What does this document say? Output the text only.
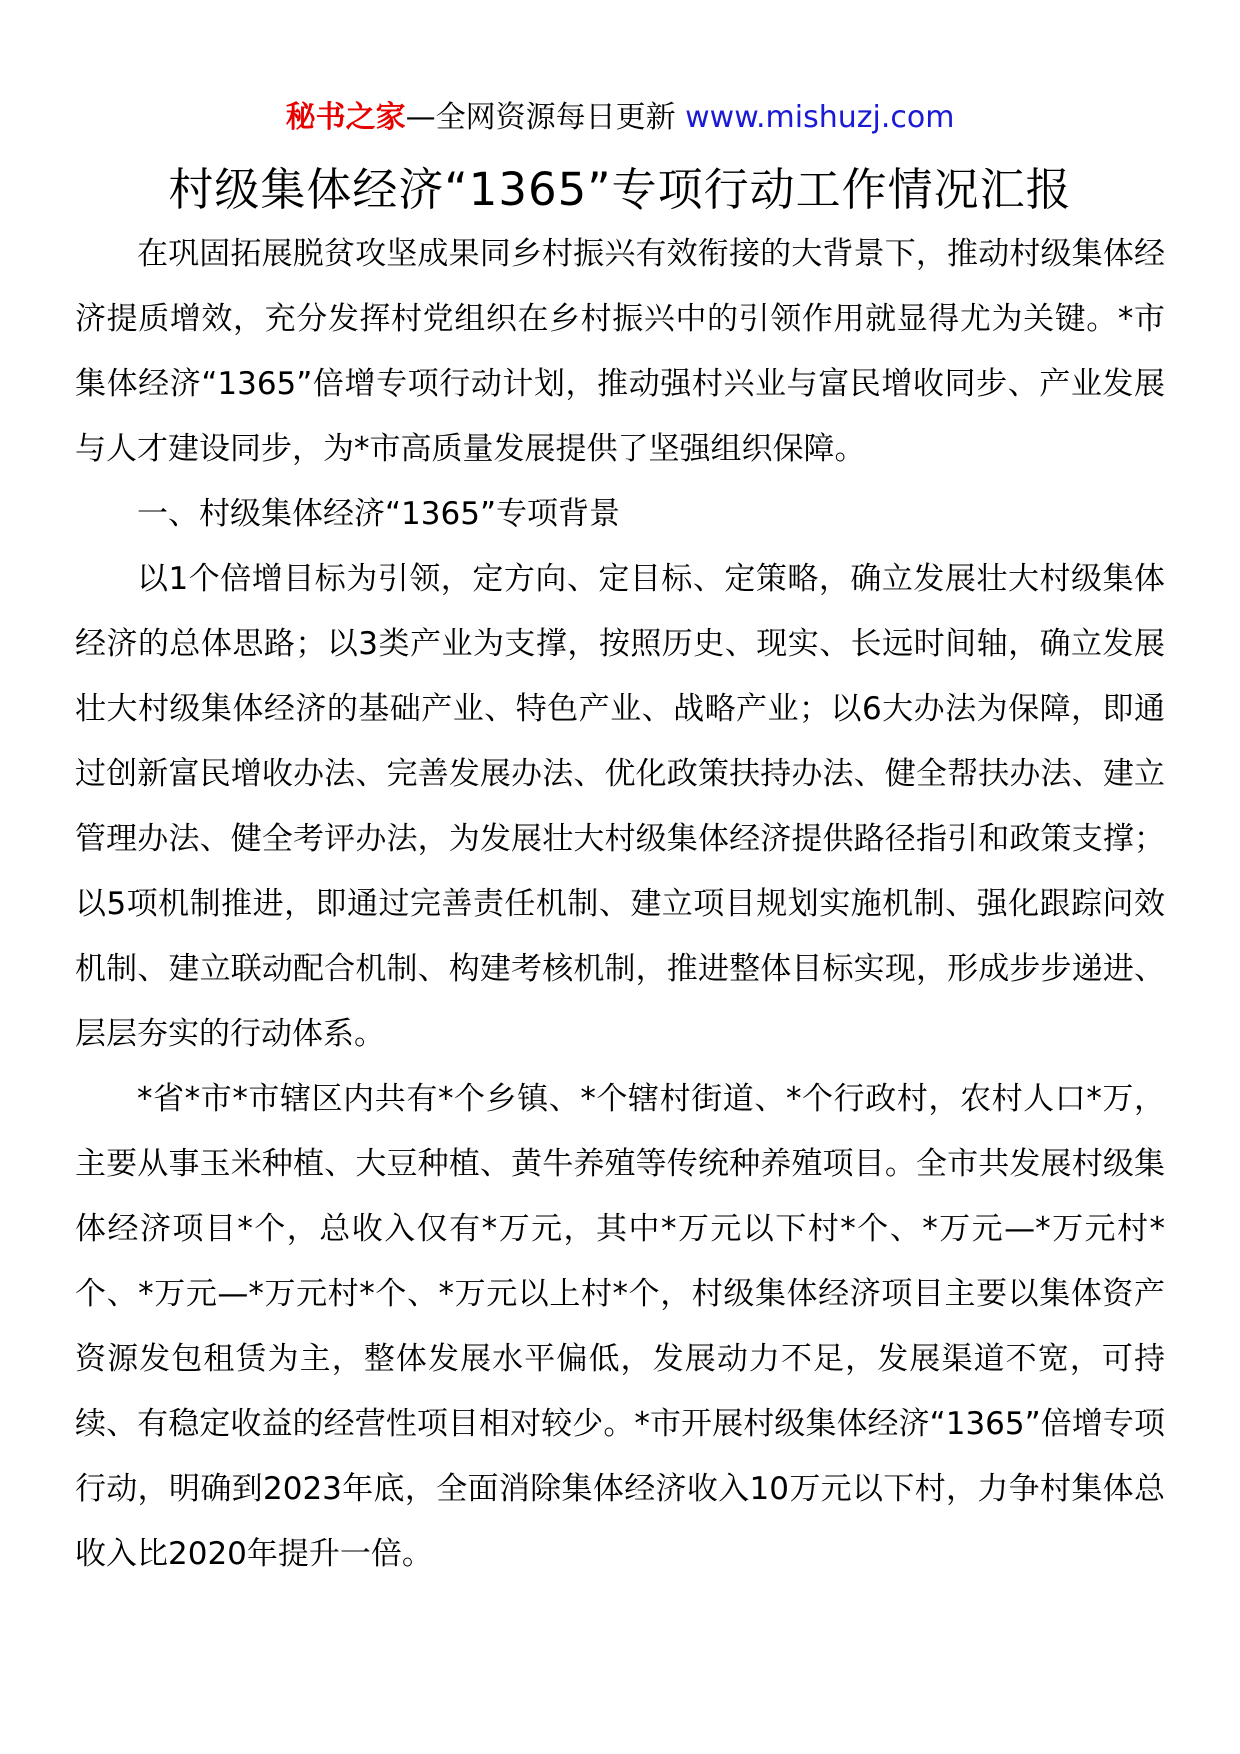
秘书之家—全网资源每日更新 www.mishuzj.com
村级集体经济“1365”专项行动工作情况汇报

在巩固拓展脱贫攻坚成果同乡村振兴有效衔接的大背景下，推动村级集体经济提质增效，充分发挥村党组织在乡村振兴中的引领作用就显得尤为关键。*市集体经济“1365”倍增专项行动计划，推动强村兴业与富民增收同步、产业发展与人才建设同步，为*市高质量发展提供了坚强组织保障。

一、村级集体经济“1365”专项背景

以1个倍增目标为引领，定方向、定目标、定策略，确立发展壮大村级集体经济的总体思路；以3类产业为支撑，按照历史、现实、长远时间轴，确立发展壮大村级集体经济的基础产业、特色产业、战略产业；以6大办法为保障，即通过创新富民增收办法、完善发展办法、优化政策扶持办法、健全帮扶办法、建立管理办法、健全考评办法，为发展壮大村级集体经济提供路径指引和政策支撑；以5项机制推进，即通过完善责任机制、建立项目规划实施机制、强化跟踪问效机制、建立联动配合机制、构建考核机制，推进整体目标实现，形成步步递进、层层夯实的行动体系。

*省*市*市辖区内共有*个乡镇、*个辖村街道、*个行政村，农村人口*万，主要从事玉米种植、大豆种植、黄牛养殖等传统种养殖项目。全市共发展村级集体经济项目*个，总收入仅有*万元，其中*万元以下村*个、*万元—*万元村*个、*万元—*万元村*个、*万元以上村*个，村级集体经济项目主要以集体资产资源发包租赁为主，整体发展水平偏低，发展动力不足，发展渠道不宽，可持续、有稳定收益的经营性项目相对较少。*市开展村级集体经济“1365”倍增专项行动，明确到2023年底，全面消除集体经济收入10万元以下村，力争村集体总收入比2020年提升一倍。
